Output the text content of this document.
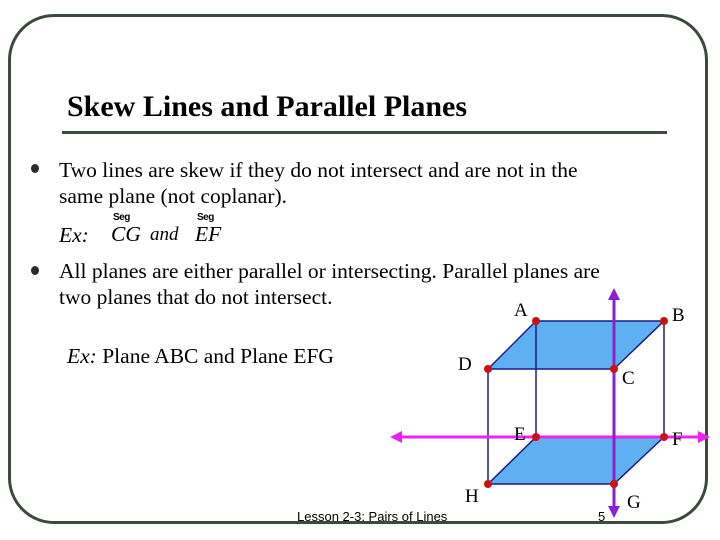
Skew Lines and Parallel Planes
Two lines are skew if they do not intersect and are not in the
same plane (not coplanar).
Ex:
Seg
CG and
Seg
EF
All planes are either parallel or intersecting. Parallel planes are
two planes that do not intersect.
Ex: Plane ABC and Plane EFG
A	B
C
D
E	F
G
H
Lesson 2-3: Pairs of Lines	5
